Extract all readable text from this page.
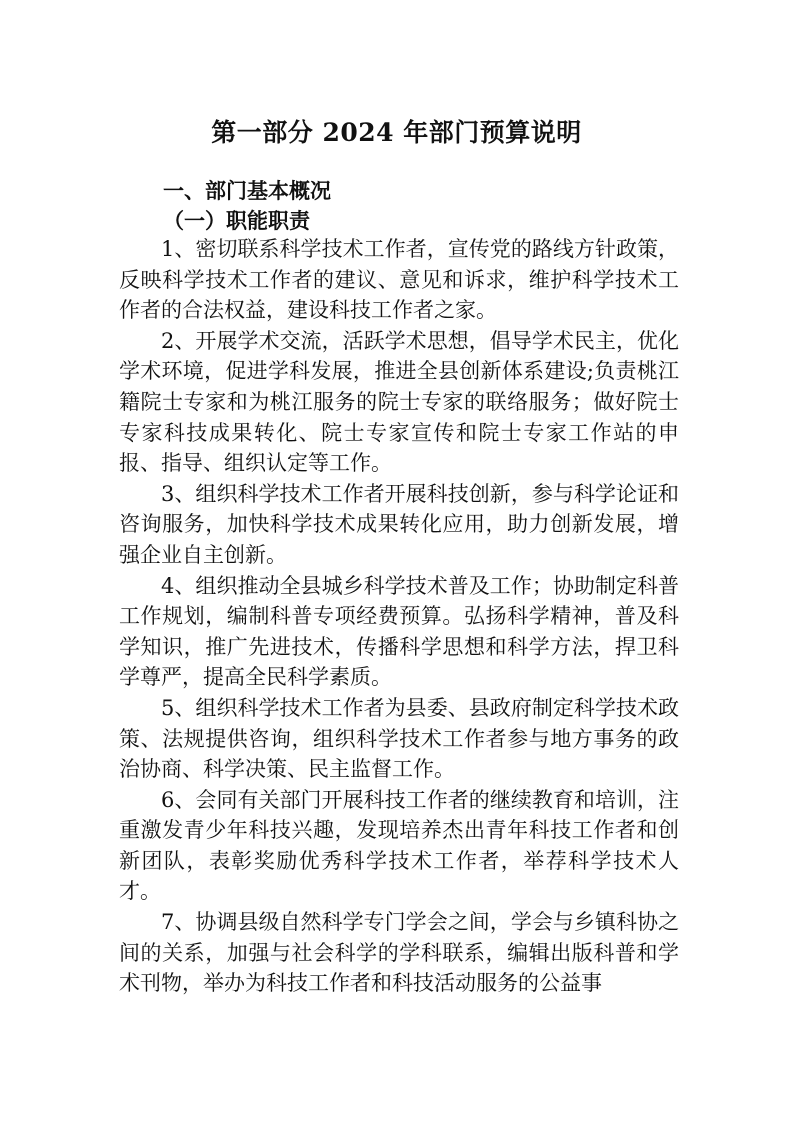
第一部分 2024 年部门预算说明
一、部门基本概况
（一）职能职责

1、密切联系科学技术工作者，宣传党的路线方针政策，反映科学技术工作者的建议、意见和诉求，维护科学技术工作者的合法权益，建设科技工作者之家。

2、开展学术交流，活跃学术思想，倡导学术民主，优化学术环境，促进学科发展，推进全县创新体系建设;负责桃江籍院士专家和为桃江服务的院士专家的联络服务；做好院士专家科技成果转化、院士专家宣传和院士专家工作站的申报、指导、组织认定等工作。

3、组织科学技术工作者开展科技创新，参与科学论证和咨询服务，加快科学技术成果转化应用，助力创新发展，增强企业自主创新。

4、组织推动全县城乡科学技术普及工作；协助制定科普工作规划，编制科普专项经费预算。弘扬科学精神，普及科学知识，推广先进技术，传播科学思想和科学方法，捍卫科学尊严，提高全民科学素质。

5、组织科学技术工作者为县委、县政府制定科学技术政策、法规提供咨询，组织科学技术工作者参与地方事务的政治协商、科学决策、民主监督工作。

6、会同有关部门开展科技工作者的继续教育和培训，注重激发青少年科技兴趣，发现培养杰出青年科技工作者和创新团队，表彰奖励优秀科学技术工作者，举荐科学技术人才。

7、协调县级自然科学专门学会之间，学会与乡镇科协之间的关系，加强与社会科学的学科联系，编辑出版科普和学术刊物，举办为科技工作者和科技活动服务的公益事
